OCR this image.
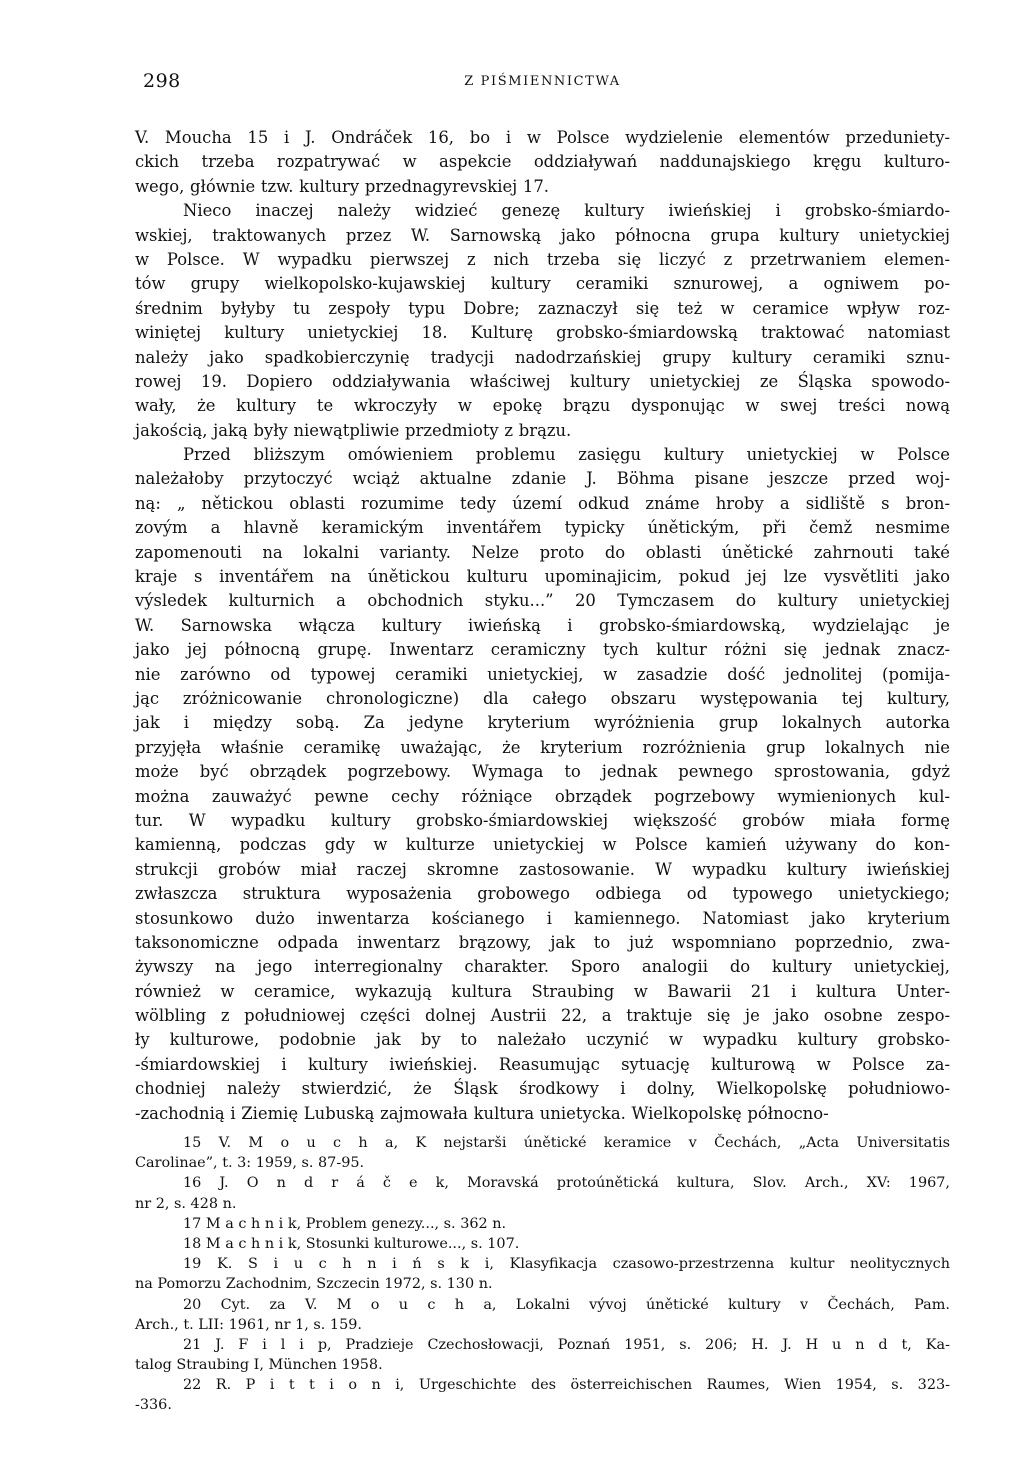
298	Z PIŚMIENNICTWA
V. Moucha 15 i J. Ondráček 16, bo i w Polsce wydzielenie elementów przeduniety-
ckich trzeba rozpatrywać w aspekcie oddziaływań naddunajskiego kręgu kulturo-
wego, głównie tzw. kultury przednagyrevskiej 17.
Nieco inaczej należy widzieć genezę kultury iwieńskiej i grobsko-śmiardo-
wskiej, traktowanych przez W. Sarnowską jako północna grupa kultury unietyckiej
w Polsce. W wypadku pierwszej z nich trzeba się liczyć z przetrwaniem elemen-
tów grupy wielkopolsko-kujawskiej kultury ceramiki sznurowej, a ogniwem po-
średnim byłyby tu zespoły typu Dobre; zaznaczył się też w ceramice wpływ roz-
winiętej kultury unietyckiej 18. Kulturę grobsko-śmiardowską traktować natomiast
należy jako spadkobierczynię tradycji nadodrzańskiej grupy kultury ceramiki sznu-
rowej 19. Dopiero oddziaływania właściwej kultury unietyckiej ze Śląska spowodo-
wały, że kultury te wkroczyły w epokę brązu dysponując w swej treści nową
jakością, jaką były niewątpliwie przedmioty z brązu.
Przed bliższym omówieniem problemu zasięgu kultury unietyckiej w Polsce
należałoby przytoczyć wciąż aktualne zdanie J. Böhma pisane jeszcze przed woj-
ną: „ nětickou oblasti rozumime tedy území odkud známe hroby a sidliště s bron-
zovým a hlavně keramickým inventářem typicky únětickým, při čemž nesmime
zapomenouti na lokalni varianty. Nelze proto do oblasti únětické zahrnouti také
kraje s inventářem na únětickou kulturu upominajicim, pokud jej lze vysvětliti jako
výsledek kulturnich a obchodnich styku...” 20 Tymczasem do kultury unietyckiej
W. Sarnowska włącza kultury iwieńską i grobsko-śmiardowską, wydzielając je
jako jej północną grupę. Inwentarz ceramiczny tych kultur różni się jednak znacz-
nie zarówno od typowej ceramiki unietyckiej, w zasadzie dość jednolitej (pomija-
jąc zróżnicowanie chronologiczne) dla całego obszaru występowania tej kultury,
jak i między sobą. Za jedyne kryterium wyróżnienia grup lokalnych autorka
przyjęła właśnie ceramikę uważając, że kryterium rozróżnienia grup lokalnych nie
może być obrządek pogrzebowy. Wymaga to jednak pewnego sprostowania, gdyż
można zauważyć pewne cechy różniące obrządek pogrzebowy wymienionych kul-
tur. W wypadku kultury grobsko-śmiardowskiej większość grobów miała formę
kamienną, podczas gdy w kulturze unietyckiej w Polsce kamień używany do kon-
strukcji grobów miał raczej skromne zastosowanie. W wypadku kultury iwieńskiej
zwłaszcza struktura wyposażenia grobowego odbiega od typowego unietyckiego;
stosunkowo dużo inwentarza kościanego i kamiennego. Natomiast jako kryterium
taksonomiczne odpada inwentarz brązowy, jak to już wspomniano poprzednio, zwa-
żywszy na jego interregionalny charakter. Sporo analogii do kultury unietyckiej,
również w ceramice, wykazują kultura Straubing w Bawarii 21 i kultura Unter-
wölbling z południowej części dolnej Austrii 22, a traktuje się je jako osobne zespo-
ły kulturowe, podobnie jak by to należało uczynić w wypadku kultury grobsko-
-śmiardowskiej i kultury iwieńskiej. Reasumując sytuację kulturową w Polsce za-
chodniej należy stwierdzić, że Śląsk środkowy i dolny, Wielkopolskę południowo-
-zachodnią i Ziemię Lubuską zajmowała kultura unietycka. Wielkopolskę północno-
15 V. M o u c h a, K nejstarši únětické keramice v Čechách, „Acta Universitatis
Carolinae”, t. 3: 1959, s. 87-95.
16 J. O n d r á č e k, Moravská protoúnětická kultura, Slov. Arch., XV: 1967,
nr 2, s. 428 n.
17 M a c h n i k, Problem genezy..., s. 362 n.
18 M a c h n i k, Stosunki kulturowe..., s. 107.
19 K. S i u c h n i ń s k i, Klasyfikacja czasowo-przestrzenna kultur neolitycznych
na Pomorzu Zachodnim, Szczecin 1972, s. 130 n.
20 Cyt. za V. M o u c h a, Lokalni vývoj únětické kultury v Čechách, Pam.
Arch., t. LII: 1961, nr 1, s. 159.
21 J. F i l i p, Pradzieje Czechosłowacji, Poznań 1951, s. 206; H. J. H u n d t, Ka-
talog Straubing I, München 1958.
22 R. P i t t i o n i, Urgeschichte des österreichischen Raumes, Wien 1954, s. 323-
-336.
